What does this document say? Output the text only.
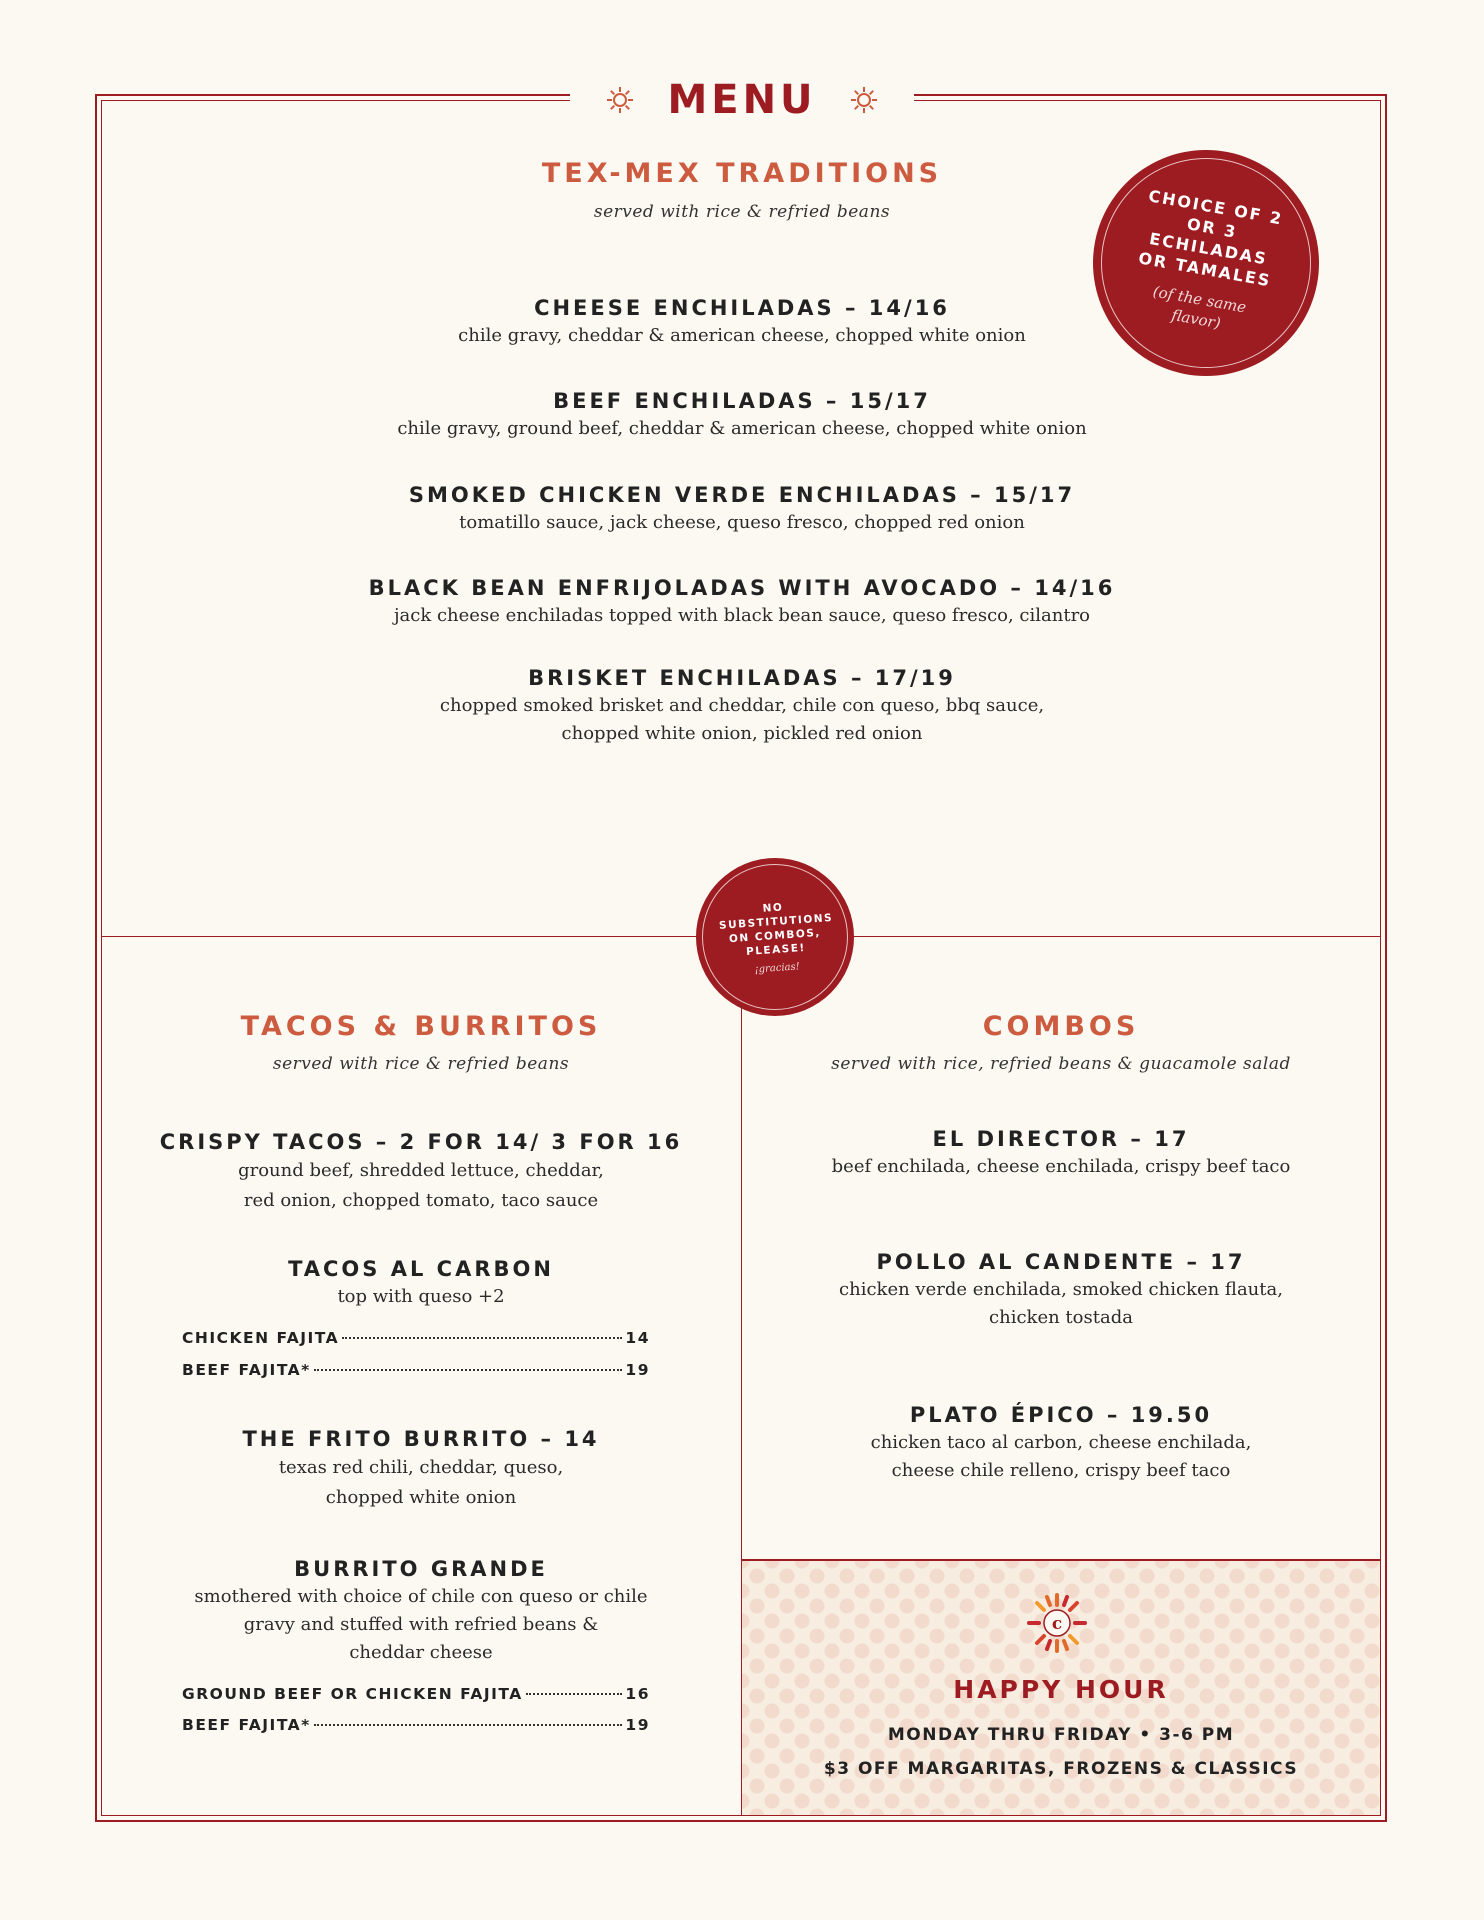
MENU
TEX-MEX TRADITIONS
served with rice & refried beans
CHEESE ENCHILADAS – 14/16
chile gravy, cheddar & american cheese, chopped white onion
BEEF ENCHILADAS – 15/17
chile gravy, ground beef, cheddar & american cheese, chopped white onion
SMOKED CHICKEN VERDE ENCHILADAS – 15/17
tomatillo sauce, jack cheese, queso fresco, chopped red onion
BLACK BEAN ENFRIJOLADAS WITH AVOCADO – 14/16
jack cheese enchiladas topped with black bean sauce, queso fresco, cilantro
BRISKET ENCHILADAS – 17/19
chopped smoked brisket and cheddar, chile con queso, bbq sauce,
chopped white onion, pickled red onion
CHOICE OF 2 OR 3 ECHILADAS OR TAMALES
(of the same flavor)
NO SUBSTITUTIONS ON COMBOS, PLEASE!
¡gracias!
TACOS & BURRITOS
served with rice & refried beans
CRISPY TACOS – 2 FOR 14/ 3 FOR 16
ground beef, shredded lettuce, cheddar,
red onion, chopped tomato, taco sauce
TACOS AL CARBON
top with queso +2
CHICKEN FAJITA	14
BEEF FAJITA*	19
THE FRITO BURRITO – 14
texas red chili, cheddar, queso,
chopped white onion
BURRITO GRANDE
smothered with choice of chile con queso or chile
gravy and stuffed with refried beans &
cheddar cheese
GROUND BEEF OR CHICKEN FAJITA	16
BEEF FAJITA*	19
COMBOS
served with rice, refried beans & guacamole salad
EL DIRECTOR – 17
beef enchilada, cheese enchilada, crispy beef taco
POLLO AL CANDENTE – 17
chicken verde enchilada, smoked chicken flauta,
chicken tostada
PLATO ÉPICO – 19.50
chicken taco al carbon, cheese enchilada,
cheese chile relleno, crispy beef taco
c
HAPPY HOUR
MONDAY THRU FRIDAY • 3-6 PM
$3 OFF MARGARITAS, FROZENS & CLASSICS
